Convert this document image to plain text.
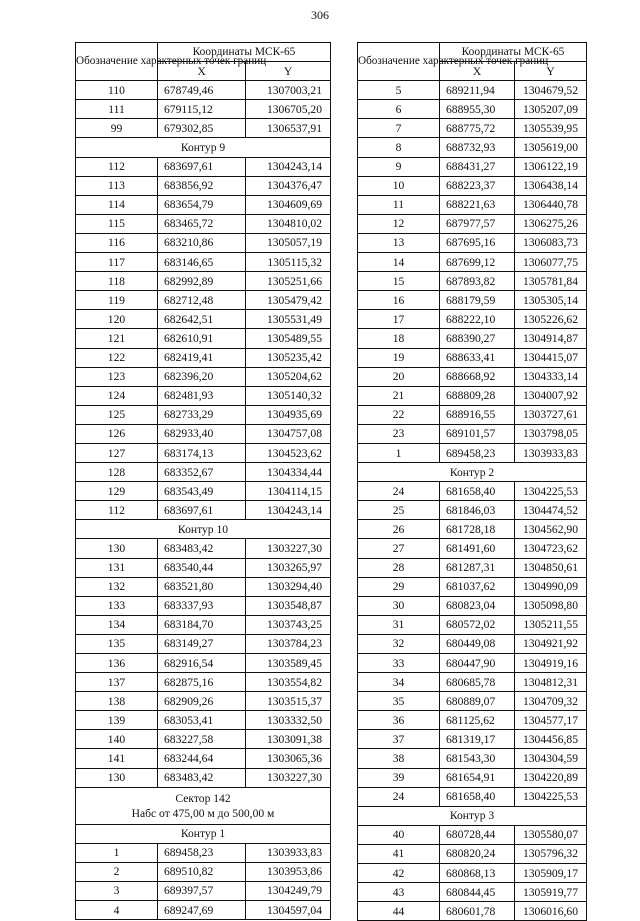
306
Обозначение характерных точек границ	Координаты МСК-65	
	X	Y
110	678749,46	1307003,21
111	679115,12	1306705,20
99	679302,85	1306537,91

Контур 9		

112	683697,61	1304243,14
113	683856,92	1304376,47
114	683654,79	1304609,69
115	683465,72	1304810,02
116	683210,86	1305057,19
117	683146,65	1305115,32
118	682992,89	1305251,66
119	682712,48	1305479,42
120	682642,51	1305531,49
121	682610,91	1305489,55
122	682419,41	1305235,42
123	682396,20	1305204,62
124	682481,93	1305140,32
125	682733,29	1304935,69
126	682933,40	1304757,08
127	683174,13	1304523,62
128	683352,67	1304334,44
129	683543,49	1304114,15
112	683697,61	1304243,14

Контур 10		

130	683483,42	1303227,30
131	683540,44	1303265,97
132	683521,80	1303294,40
133	683337,93	1303548,87
134	683184,70	1303743,25
135	683149,27	1303784,23
136	682916,54	1303589,45
137	682875,16	1303554,82
138	682909,26	1303515,37
139	683053,41	1303332,50
140	683227,58	1303091,38
141	683244,64	1303065,36
130	683483,42	1303227,30

Сектор 142
Набс от 475,00 м до 500,00 м		

Контур 1		

1	689458,23	1303933,83
2	689510,82	1303953,86
3	689397,57	1304249,79
4	689247,69	1304597,04
Обозначение характерных точек границ	Координаты МСК-65	
	X	Y
5	689211,94	1304679,52
6	688955,30	1305207,09
7	688775,72	1305539,95
8	688732,93	1305619,00
9	688431,27	1306122,19
10	688223,37	1306438,14
11	688221,63	1306440,78
12	687977,57	1306275,26
13	687695,16	1306083,73
14	687699,12	1306077,75
15	687893,82	1305781,84
16	688179,59	1305305,14
17	688222,10	1305226,62
18	688390,27	1304914,87
19	688633,41	1304415,07
20	688668,92	1304333,14
21	688809,28	1304007,92
22	688916,55	1303727,61
23	689101,57	1303798,05
1	689458,23	1303933,83

Контур 2		

24	681658,40	1304225,53
25	681846,03	1304474,52
26	681728,18	1304562,90
27	681491,60	1304723,62
28	681287,31	1304850,61
29	681037,62	1304990,09
30	680823,04	1305098,80
31	680572,02	1305211,55
32	680449,08	1304921,92
33	680447,90	1304919,16
34	680685,78	1304812,31
35	680889,07	1304709,32
36	681125,62	1304577,17
37	681319,17	1304456,85
38	681543,30	1304304,59
39	681654,91	1304220,89
24	681658,40	1304225,53

Контур 3		

40	680728,44	1305580,07
41	680820,24	1305796,32
42	680868,13	1305909,17
43	680844,45	1305919,77
44	680601,78	1306016,60
